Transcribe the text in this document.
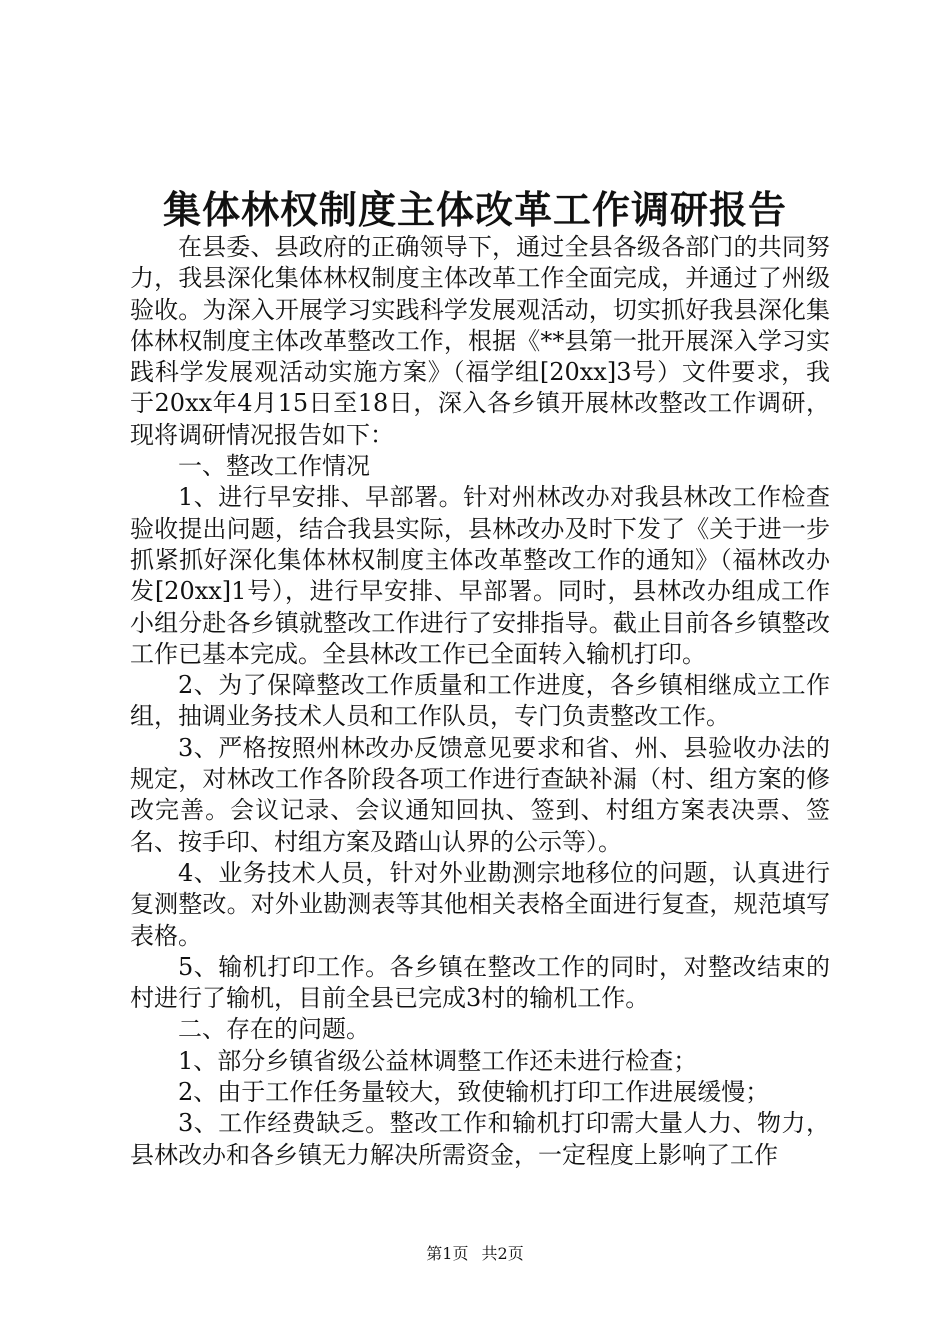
集体林权制度主体改革工作调研报告

在县委、县政府的正确领导下，通过全县各级各部门的共同努力，我县深化集体林权制度主体改革工作全面完成，并通过了州级验收。为深入开展学习实践科学发展观活动，切实抓好我县深化集体林权制度主体改革整改工作，根据《**县第一批开展深入学习实践科学发展观活动实施方案》（福学组[20xx]3号）文件要求，我于20xx年4月15日至18日，深入各乡镇开展林改整改工作调研，现将调研情况报告如下：

一、整改工作情况

1、进行早安排、早部署。针对州林改办对我县林改工作检查验收提出问题，结合我县实际，县林改办及时下发了《关于进一步抓紧抓好深化集体林权制度主体改革整改工作的通知》（福林改办发[20xx]1号），进行早安排、早部署。同时，县林改办组成工作小组分赴各乡镇就整改工作进行了安排指导。截止目前各乡镇整改工作已基本完成。全县林改工作已全面转入输机打印。

2、为了保障整改工作质量和工作进度，各乡镇相继成立工作组，抽调业务技术人员和工作队员，专门负责整改工作。

3、严格按照州林改办反馈意见要求和省、州、县验收办法的规定，对林改工作各阶段各项工作进行查缺补漏（村、组方案的修改完善。会议记录、会议通知回执、签到、村组方案表决票、签名、按手印、村组方案及踏山认界的公示等）。

4、业务技术人员，针对外业勘测宗地移位的问题，认真进行复测整改。对外业勘测表等其他相关表格全面进行复查，规范填写表格。

5、输机打印工作。各乡镇在整改工作的同时，对整改结束的村进行了输机，目前全县已完成3村的输机工作。

二、存在的问题。

1、部分乡镇省级公益林调整工作还未进行检查；

2、由于工作任务量较大，致使输机打印工作进展缓慢；

3、工作经费缺乏。整改工作和输机打印需大量人力、物力，县林改办和各乡镇无力解决所需资金，一定程度上影响了工作

第1页 共2页
